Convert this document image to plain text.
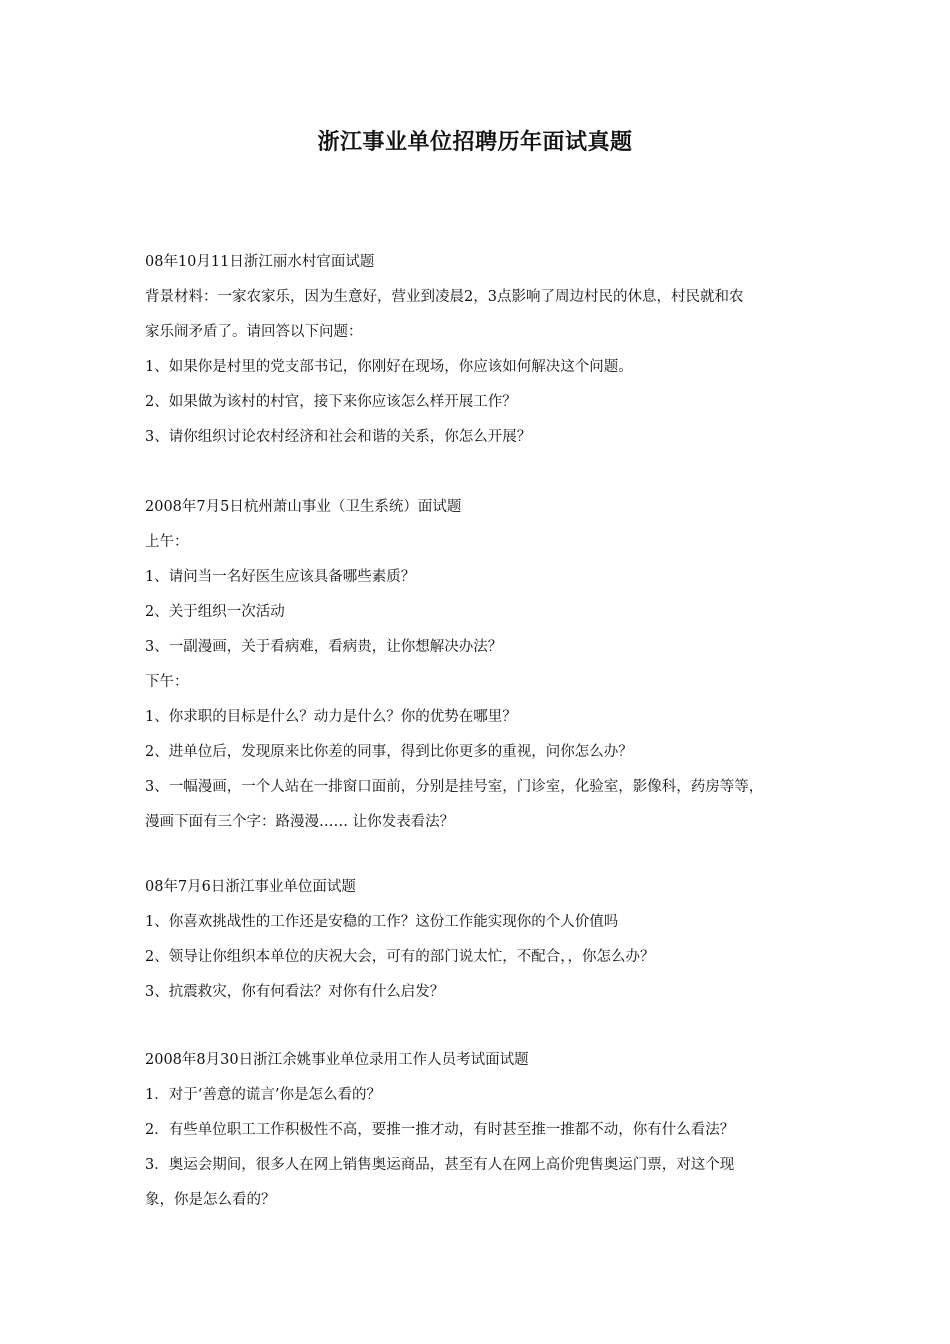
浙江事业单位招聘历年面试真题

08年10月11日浙江丽水村官面试题

背景材料：一家农家乐，因为生意好，营业到凌晨2，3点影响了周边村民的休息，村民就和农

家乐闹矛盾了。请回答以下问题：

1、如果你是村里的党支部书记，你刚好在现场，你应该如何解决这个问题。

2、如果做为该村的村官，接下来你应该怎么样开展工作？

3、请你组织讨论农村经济和社会和谐的关系，你怎么开展？

2008年7月5日杭州萧山事业（卫生系统）面试题

上午：

1、请问当一名好医生应该具备哪些素质？

2、关于组织一次活动

3、一副漫画，关于看病难，看病贵，让你想解决办法？

下午：

1、你求职的目标是什么？动力是什么？你的优势在哪里？

2、进单位后，发现原来比你差的同事，得到比你更多的重视，问你怎么办？

3、一幅漫画，一个人站在一排窗口面前，分别是挂号室，门诊室，化验室，影像科，药房等等，

漫画下面有三个字：路漫漫…… 让你发表看法？

08年7月6日浙江事业单位面试题

1、你喜欢挑战性的工作还是安稳的工作？这份工作能实现你的个人价值吗

2、领导让你组织本单位的庆祝大会，可有的部门说太忙，不配合，，你怎么办？

3、抗震救灾，你有何看法？对你有什么启发？

2008年8月30日浙江余姚事业单位录用工作人员考试面试题

1．对于‘善意的谎言’你是怎么看的？

2．有些单位职工工作积极性不高，要推一推才动，有时甚至推一推都不动，你有什么看法？

3．奥运会期间，很多人在网上销售奥运商品，甚至有人在网上高价兜售奥运门票，对这个现

象，你是怎么看的？
